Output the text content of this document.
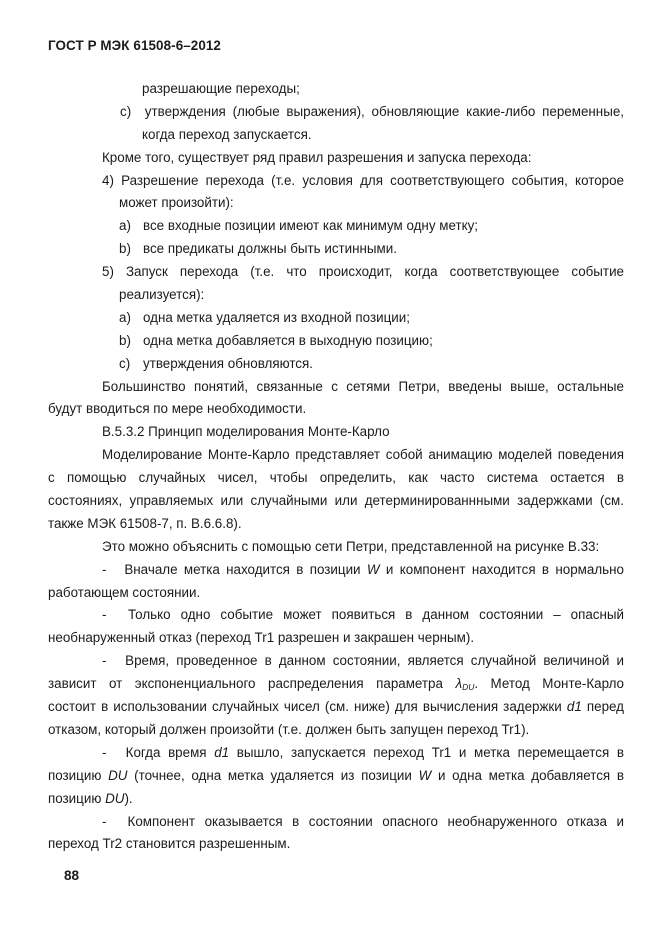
ГОСТ Р МЭК 61508-6–2012
разрешающие переходы;
c) утверждения (любые выражения), обновляющие какие-либо переменные,
когда переход запускается.
Кроме того, существует ряд правил разрешения и запуска перехода:
4) Разрешение перехода (т.е. условия для соответствующего события, которое
может произойти):
a) все входные позиции имеют как минимум одну метку;
b) все предикаты должны быть истинными.
5) Запуск перехода (т.е. что происходит, когда соответствующее событие
реализуется):
a) одна метка удаляется из входной позиции;
b) одна метка добавляется в выходную позицию;
c) утверждения обновляются.
Большинство понятий, связанные с сетями Петри, введены выше, остальные
будут вводиться по мере необходимости.
B.5.3.2 Принцип моделирования Монте-Карло
Моделирование Монте-Карло представляет собой анимацию моделей поведения
с помощью случайных чисел, чтобы определить, как часто система остается в
состояниях, управляемых или случайными или детерминированнными задержками (см.
также МЭК 61508-7, п. B.6.6.8).
Это можно объяснить с помощью сети Петри, представленной на рисунке B.33:
- Вначале метка находится в позиции W и компонент находится в нормально
работающем состоянии.
- Только одно событие может появиться в данном состоянии – опасный
необнаруженный отказ (переход Tr1 разрешен и закрашен черным).
- Время, проведенное в данном состоянии, является случайной величиной и
зависит от экспоненциального распределения параметра $\lambda_{DU}$. Метод Монте-Карло
состоит в использовании случайных чисел (см. ниже) для вычисления задержки d1 перед
отказом, который должен произойти (т.е. должен быть запущен переход Tr1).
- Когда время d1 вышло, запускается переход Tr1 и метка перемещается в
позицию DU (точнее, одна метка удаляется из позиции W и одна метка добавляется в
позицию DU).
- Компонент оказывается в состоянии опасного необнаруженного отказа и
переход Tr2 становится разрешенным.
88
